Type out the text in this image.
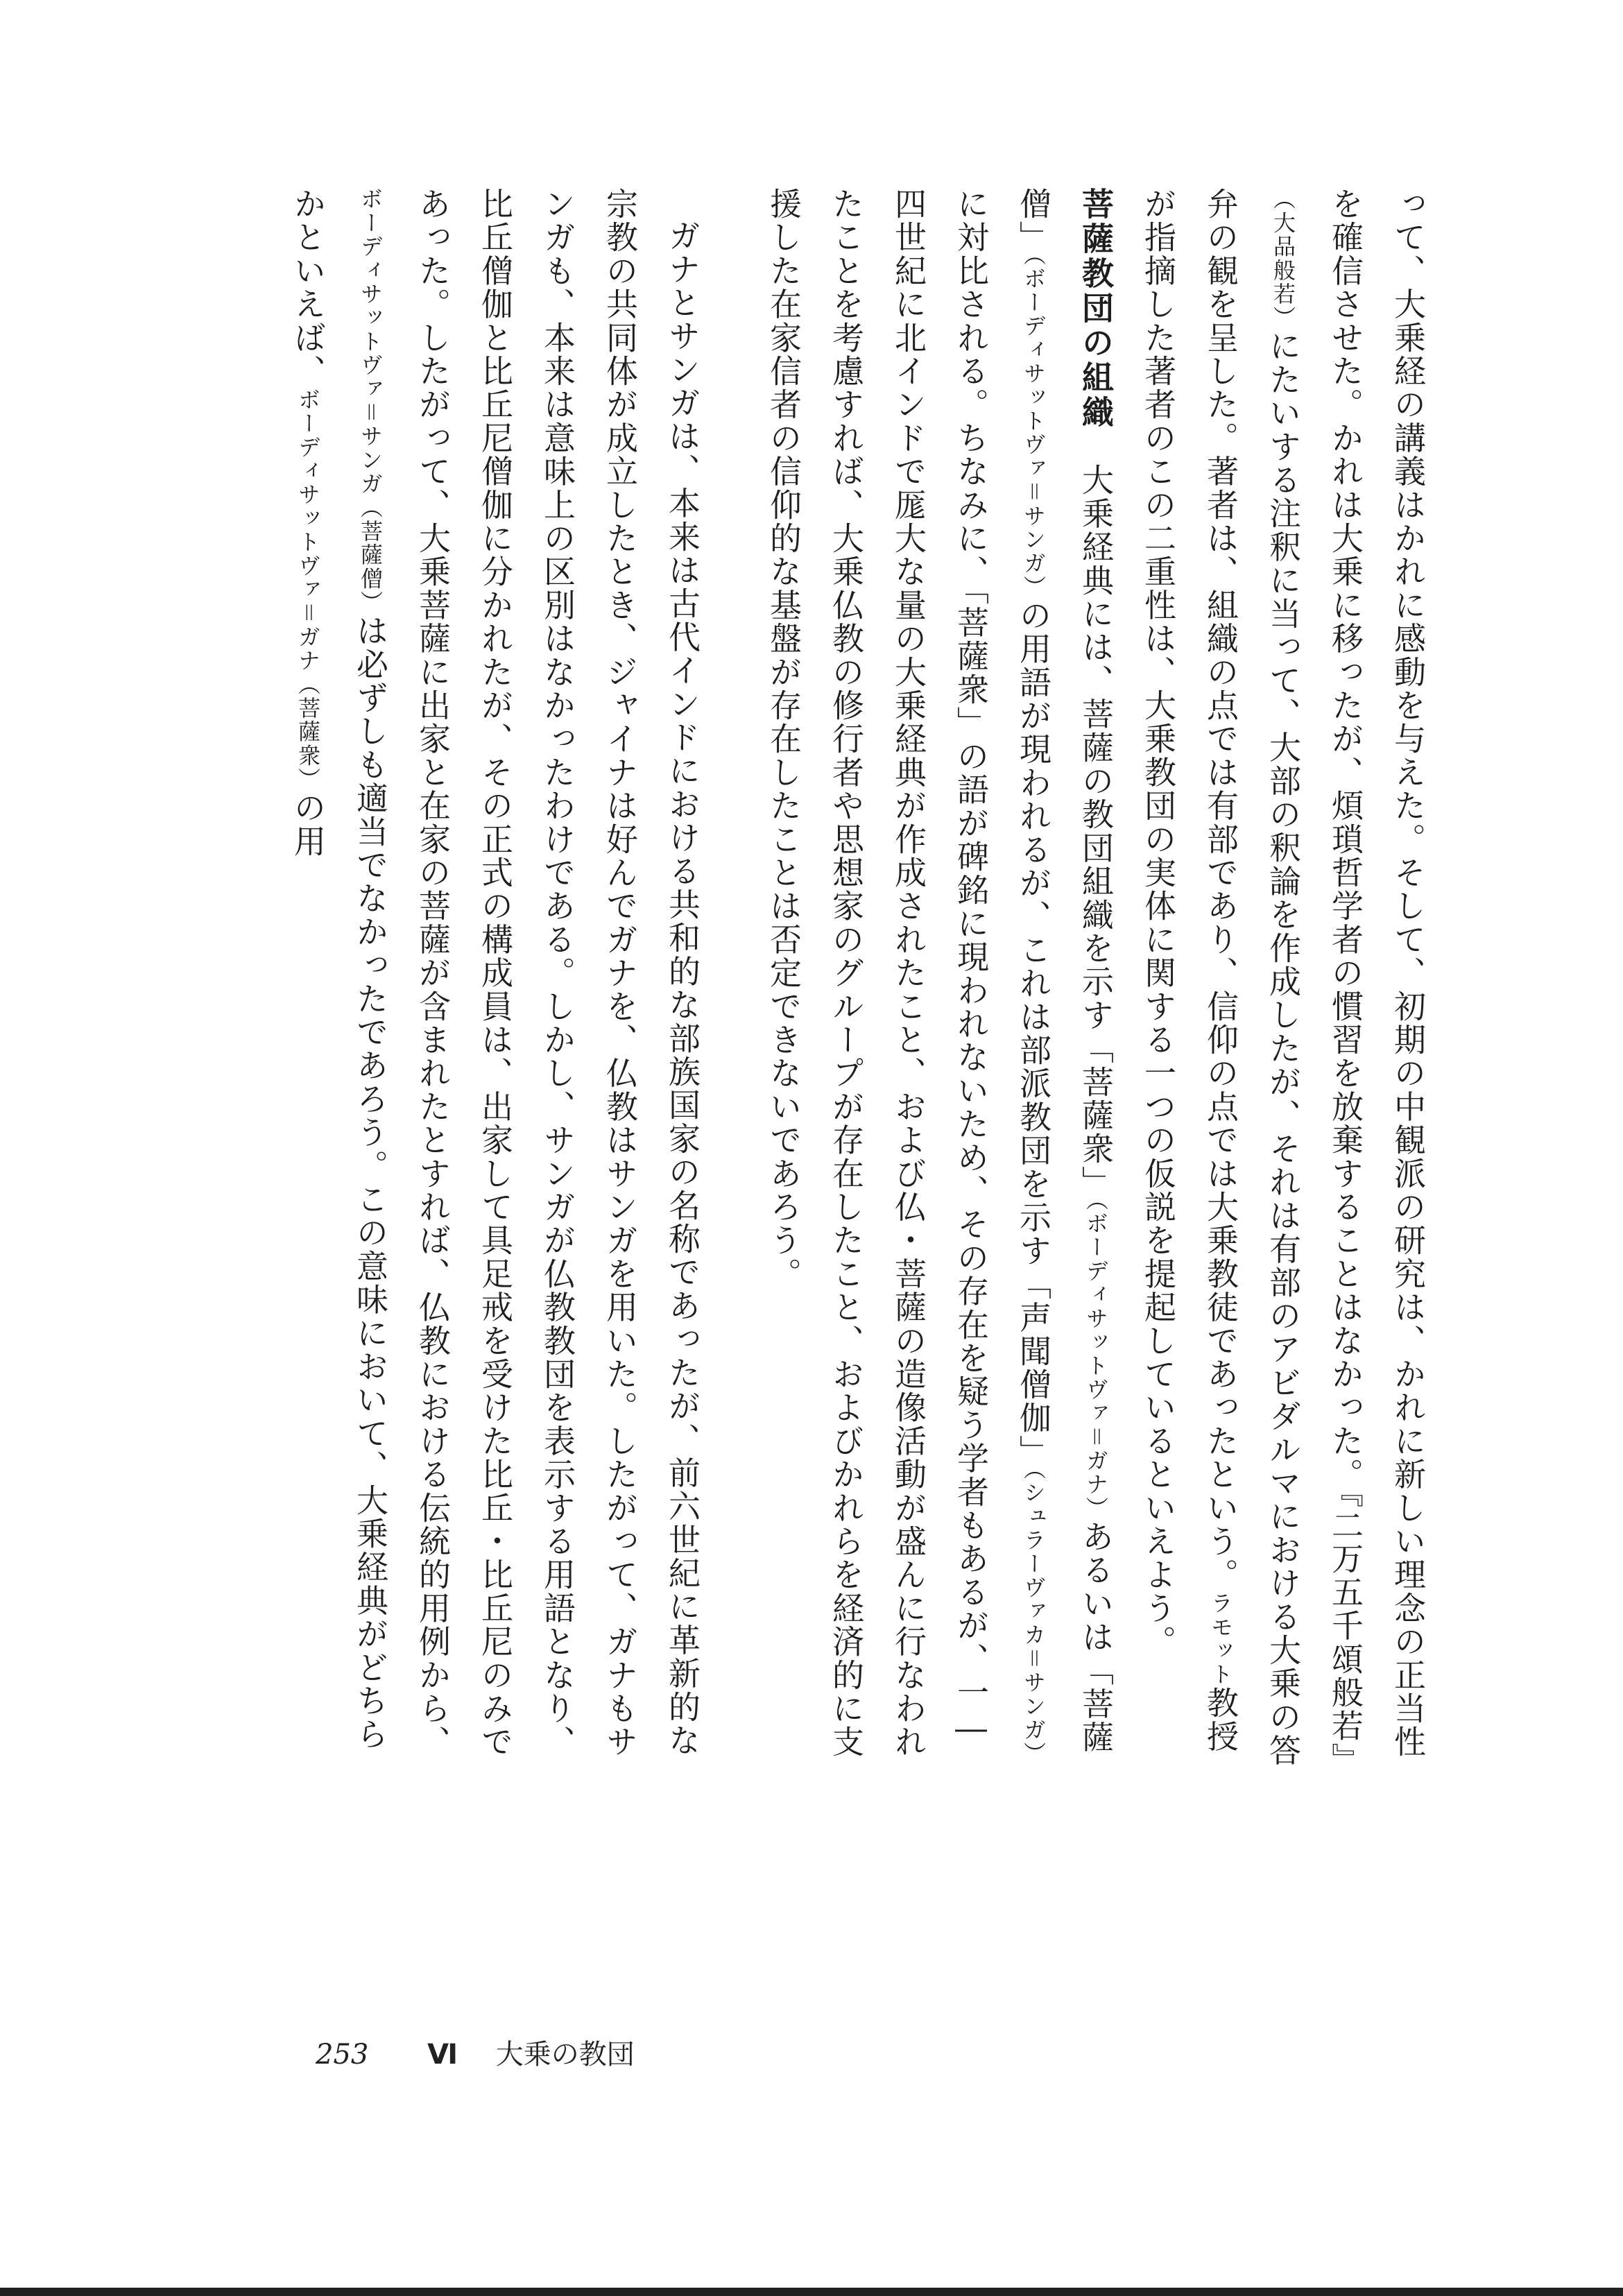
って、大乗経の講義はかれに感動を与えた。そして、初期の中観派の研究は、かれに新しい理念の正当性を確信させた。かれは大乗に移ったが、煩瑣哲学者の慣習を放棄することはなかった。『二万五千頌般若』（大品般若）にたいする注釈に当って、大部の釈論を作成したが、それは有部のアビダルマにおける大乗の答弁の観を呈した。著者は、組織の点では有部であり、信仰の点では大乗教徒であったという。ラモット教授が指摘した著者のこの二重性は、大乗教団の実体に関する一つの仮説を提起しているといえよう。

菩薩教団の組織　大乗経典には、菩薩の教団組織を示す「菩薩衆」（ボーディサットヴァ＝ガナ）あるいは「菩薩僧」（ボーディサットヴァ＝サンガ）の用語が現われるが、これは部派教団を示す「声聞僧伽」（シュラーヴァカ＝サンガ）に対比される。ちなみに、「菩薩衆」の語が碑銘に現われないため、その存在を疑う学者もあるが、一―四世紀に北インドで厖大な量の大乗経典が作成されたこと、および仏・菩薩の造像活動が盛んに行なわれたことを考慮すれば、大乗仏教の修行者や思想家のグループが存在したこと、およびかれらを経済的に支援した在家信者の信仰的な基盤が存在したことは否定できないであろう。

ガナとサンガは、本来は古代インドにおける共和的な部族国家の名称であったが、前六世紀に革新的な宗教の共同体が成立したとき、ジャイナは好んでガナを、仏教はサンガを用いた。したがって、ガナもサンガも、本来は意味上の区別はなかったわけである。しかし、サンガが仏教教団を表示する用語となり、比丘僧伽と比丘尼僧伽に分かれたが、その正式の構成員は、出家して具足戒を受けた比丘・比丘尼のみであった。したがって、大乗菩薩に出家と在家の菩薩が含まれたとすれば、仏教における伝統的用例から、ボーディサットヴァ＝サンガ（菩薩僧）は必ずしも適当でなかったであろう。この意味において、大乗経典がどちらかといえば、ボーディサットヴァ＝ガナ（菩薩衆）の用

253 Ⅵ 大乗の教団
